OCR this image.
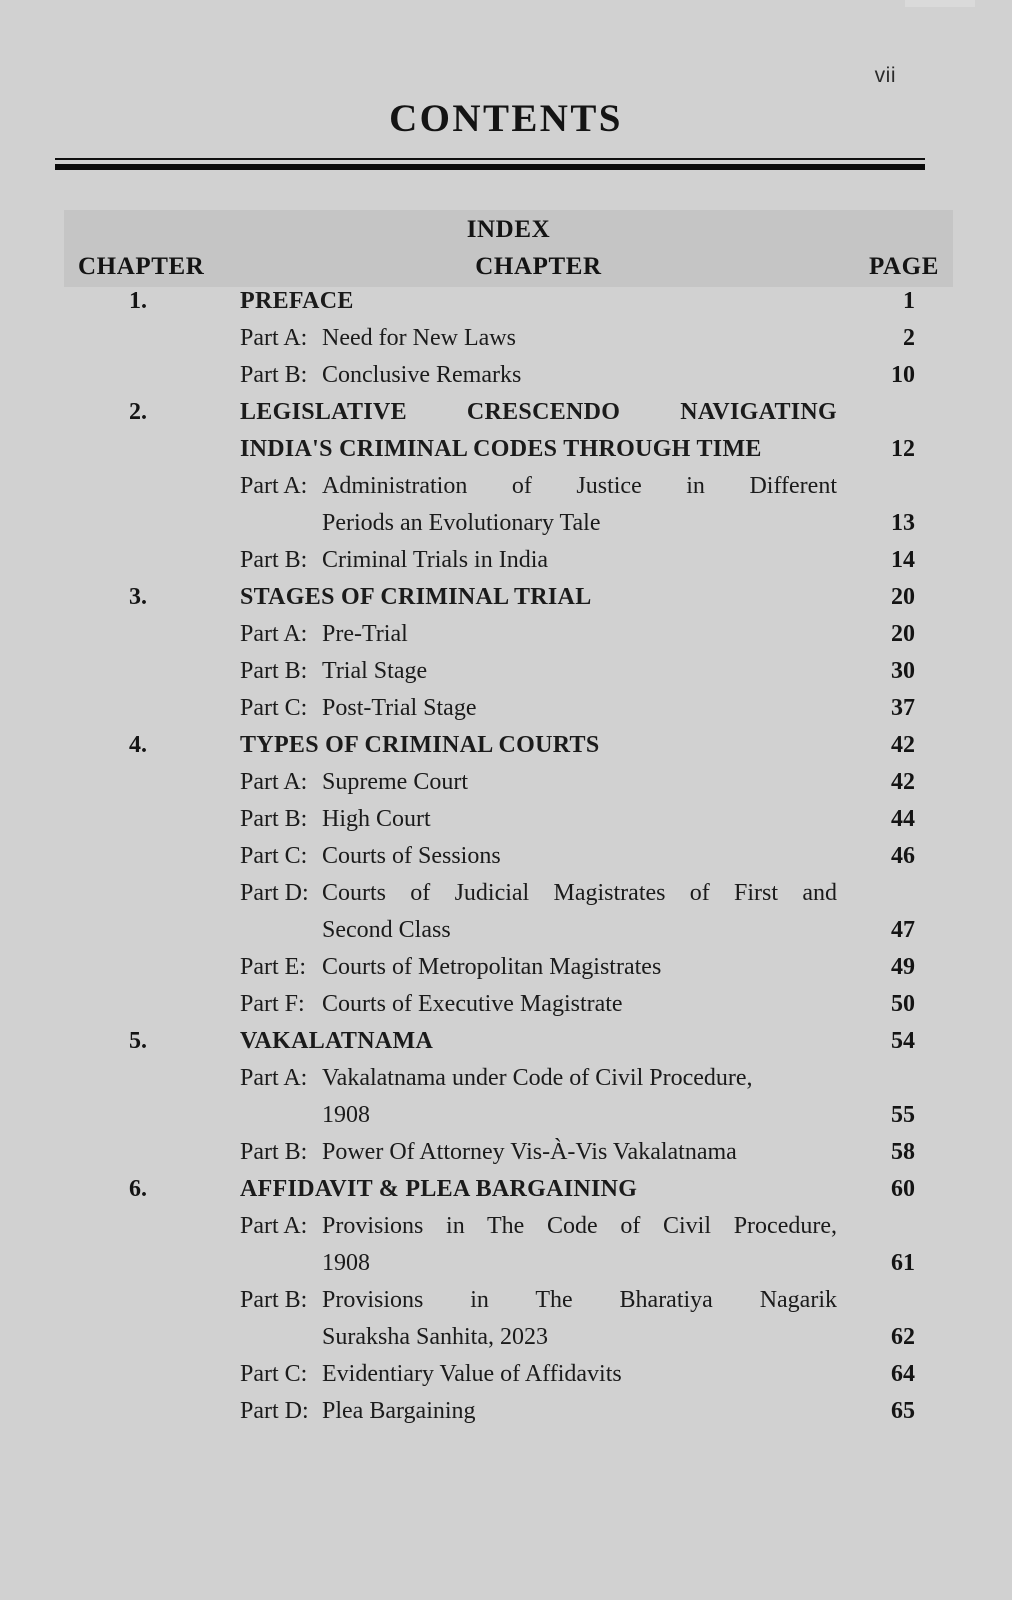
vii
CONTENTS
INDEX
CHAPTER	CHAPTER	PAGE
1.	PREFACE	1
Part A: Need for New Laws	2
Part B: Conclusive Remarks	10
2.	LEGISLATIVE CRESCENDO NAVIGATING
INDIA'S CRIMINAL CODES THROUGH TIME	12
Part A: Administration of Justice in Different
Periods an Evolutionary Tale	13
Part B: Criminal Trials in India	14
3.	STAGES OF CRIMINAL TRIAL	20
Part A: Pre-Trial	20
Part B: Trial Stage	30
Part C: Post-Trial Stage	37
4.	TYPES OF CRIMINAL COURTS	42
Part A: Supreme Court	42
Part B: High Court	44
Part C: Courts of Sessions	46
Part D: Courts of Judicial Magistrates of First and
Second Class	47
Part E: Courts of Metropolitan Magistrates	49
Part F: Courts of Executive Magistrate	50
5.	VAKALATNAMA	54
Part A: Vakalatnama under Code of Civil Procedure,
1908	55
Part B: Power Of Attorney Vis-À-Vis Vakalatnama	58
6.	AFFIDAVIT & PLEA BARGAINING	60
Part A: Provisions in The Code of Civil Procedure,
1908	61
Part B: Provisions in The Bharatiya Nagarik
Suraksha Sanhita, 2023	62
Part C: Evidentiary Value of Affidavits	64
Part D: Plea Bargaining	65
